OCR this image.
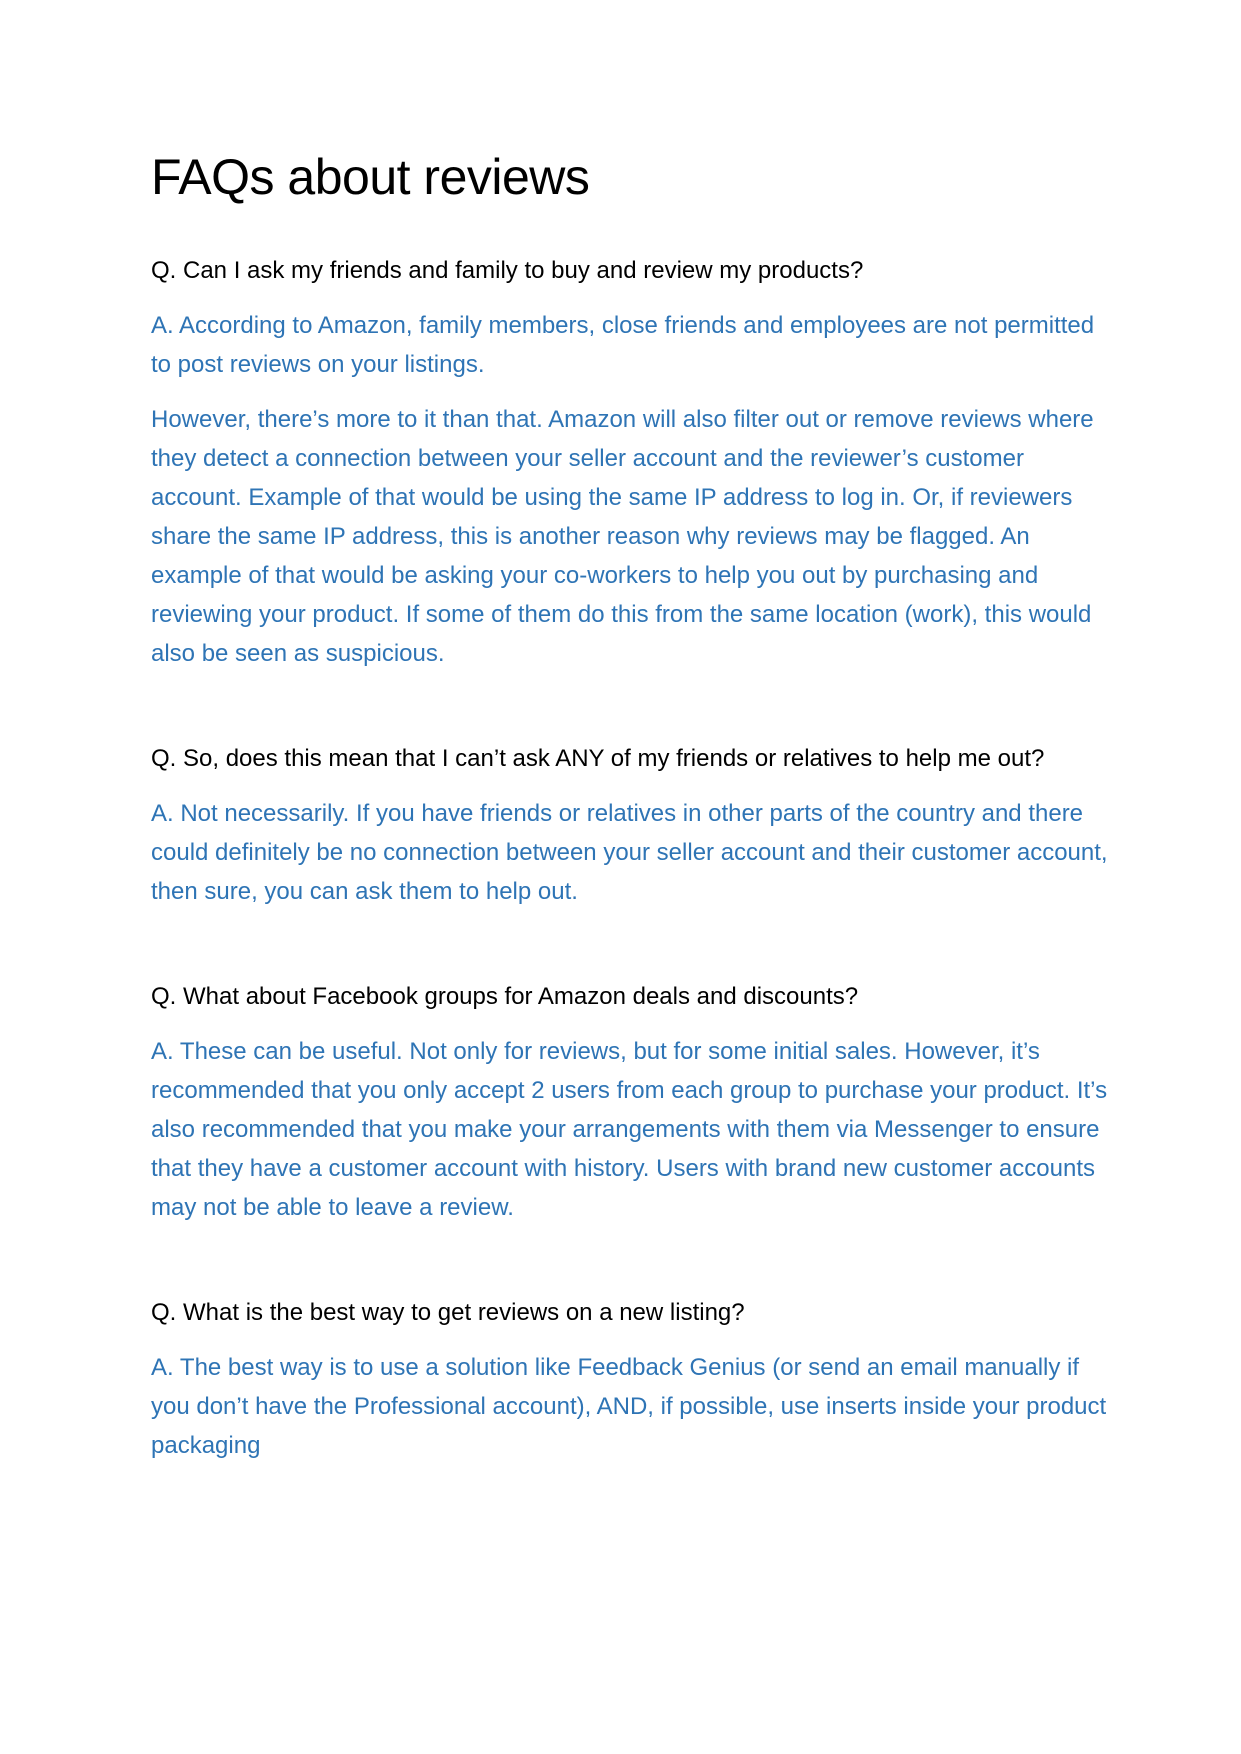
FAQs about reviews

Q. Can I ask my friends and family to buy and review my products?

A. According to Amazon, family members, close friends and employees are not permitted to post reviews on your listings.

However, there’s more to it than that. Amazon will also filter out or remove reviews where they detect a connection between your seller account and the reviewer’s customer account. Example of that would be using the same IP address to log in. Or, if reviewers share the same IP address, this is another reason why reviews may be flagged. An example of that would be asking your co-workers to help you out by purchasing and reviewing your product. If some of them do this from the same location (work), this would also be seen as suspicious.

Q. So, does this mean that I can’t ask ANY of my friends or relatives to help me out?

A. Not necessarily. If you have friends or relatives in other parts of the country and there could definitely be no connection between your seller account and their customer account, then sure, you can ask them to help out.

Q. What about Facebook groups for Amazon deals and discounts?

A. These can be useful. Not only for reviews, but for some initial sales. However, it’s recommended that you only accept 2 users from each group to purchase your product. It’s also recommended that you make your arrangements with them via Messenger to ensure that they have a customer account with history. Users with brand new customer accounts may not be able to leave a review.

Q. What is the best way to get reviews on a new listing?

A. The best way is to use a solution like Feedback Genius (or send an email manually if you don’t have the Professional account), AND, if possible, use inserts inside your product packaging
